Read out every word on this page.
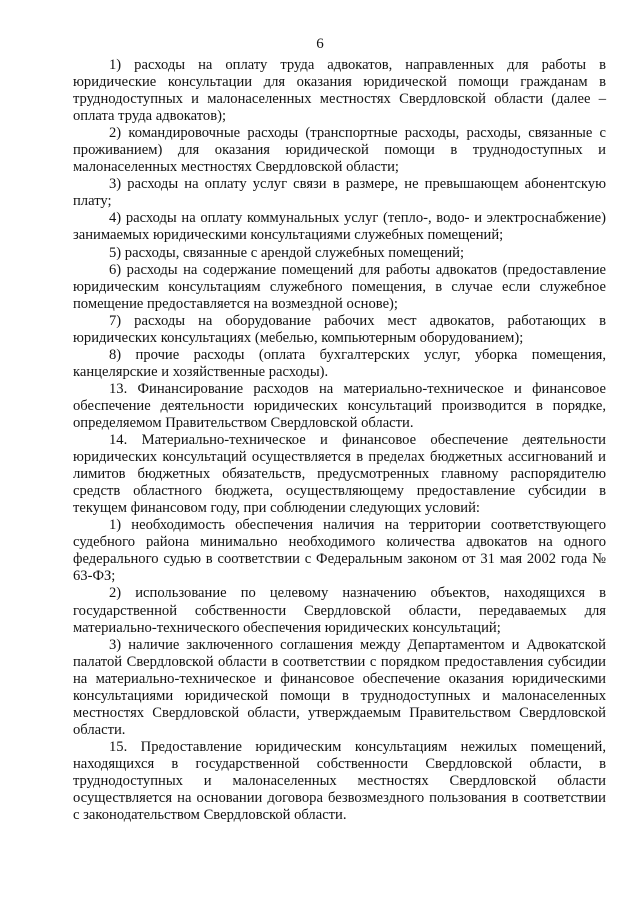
6

1) расходы на оплату труда адвокатов, направленных для работы в юридические консультации для оказания юридической помощи гражданам в труднодоступных и малонаселенных местностях Свердловской области (далее – оплата труда адвокатов);

2) командировочные расходы (транспортные расходы, расходы, связанные с проживанием) для оказания юридической помощи в труднодоступных и малонаселенных местностях Свердловской области;

3) расходы на оплату услуг связи в размере, не превышающем абонентскую плату;

4) расходы на оплату коммунальных услуг (тепло-, водо- и электроснабжение) занимаемых юридическими консультациями служебных помещений;

5) расходы, связанные с арендой служебных помещений;

6) расходы на содержание помещений для работы адвокатов (предоставление юридическим консультациям служебного помещения, в случае если служебное помещение предоставляется на возмездной основе);

7) расходы на оборудование рабочих мест адвокатов, работающих в юридических консультациях (мебелью, компьютерным оборудованием);

8) прочие расходы (оплата бухгалтерских услуг, уборка помещения, канцелярские и хозяйственные расходы).

13. Финансирование расходов на материально-техническое и финансовое обеспечение деятельности юридических консультаций производится в порядке, определяемом Правительством Свердловской области.

14. Материально-техническое и финансовое обеспечение деятельности юридических консультаций осуществляется в пределах бюджетных ассигнований и лимитов бюджетных обязательств, предусмотренных главному распорядителю средств областного бюджета, осуществляющему предоставление субсидии в текущем финансовом году, при соблюдении следующих условий:

1) необходимость обеспечения наличия на территории соответствующего судебного района минимально необходимого количества адвокатов на одного федерального судью в соответствии с Федеральным законом от 31 мая 2002 года № 63-ФЗ;

2) использование по целевому назначению объектов, находящихся в государственной собственности Свердловской области, передаваемых для материально-технического обеспечения юридических консультаций;

3) наличие заключенного соглашения между Департаментом и Адвокатской палатой Свердловской области в соответствии с порядком предоставления субсидии на материально-техническое и финансовое обеспечение оказания юридическими консультациями юридической помощи в труднодоступных и малонаселенных местностях Свердловской области, утверждаемым Правительством Свердловской области.

15. Предоставление юридическим консультациям нежилых помещений, находящихся в государственной собственности Свердловской области, в труднодоступных и малонаселенных местностях Свердловской области осуществляется на основании договора безвозмездного пользования в соответствии с законодательством Свердловской области.
